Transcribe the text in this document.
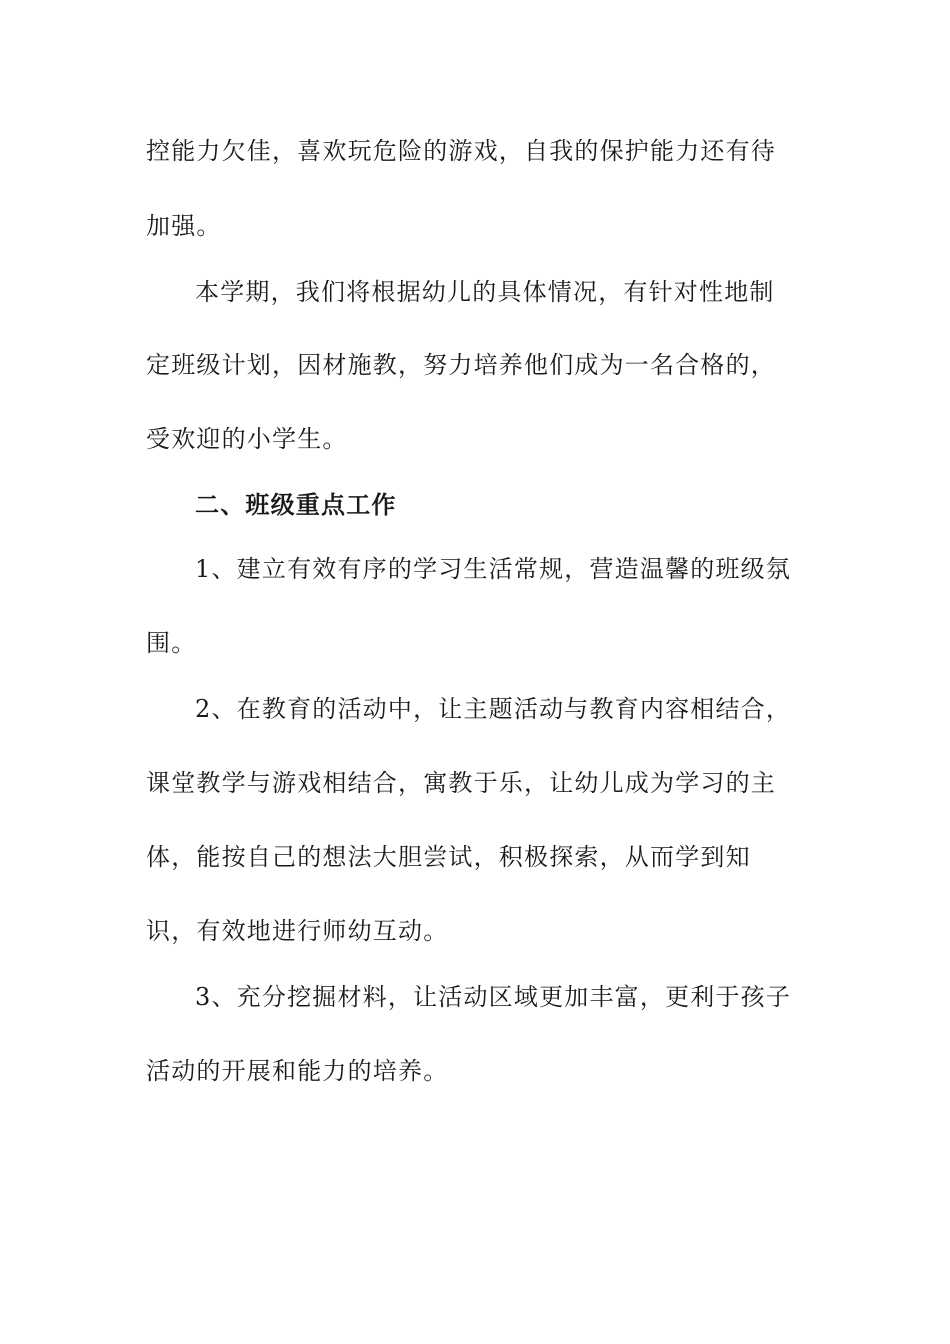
控能力欠佳，喜欢玩危险的游戏，自我的保护能力还有待
加强。
本学期，我们将根据幼儿的具体情况，有针对性地制
定班级计划，因材施教，努力培养他们成为一名合格的，
受欢迎的小学生。
二、班级重点工作
1、建立有效有序的学习生活常规，营造温馨的班级氛
围。
2、在教育的活动中，让主题活动与教育内容相结合，
课堂教学与游戏相结合，寓教于乐，让幼儿成为学习的主
体，能按自己的想法大胆尝试，积极探索，从而学到知
识，有效地进行师幼互动。
3、充分挖掘材料，让活动区域更加丰富，更利于孩子
活动的开展和能力的培养。
